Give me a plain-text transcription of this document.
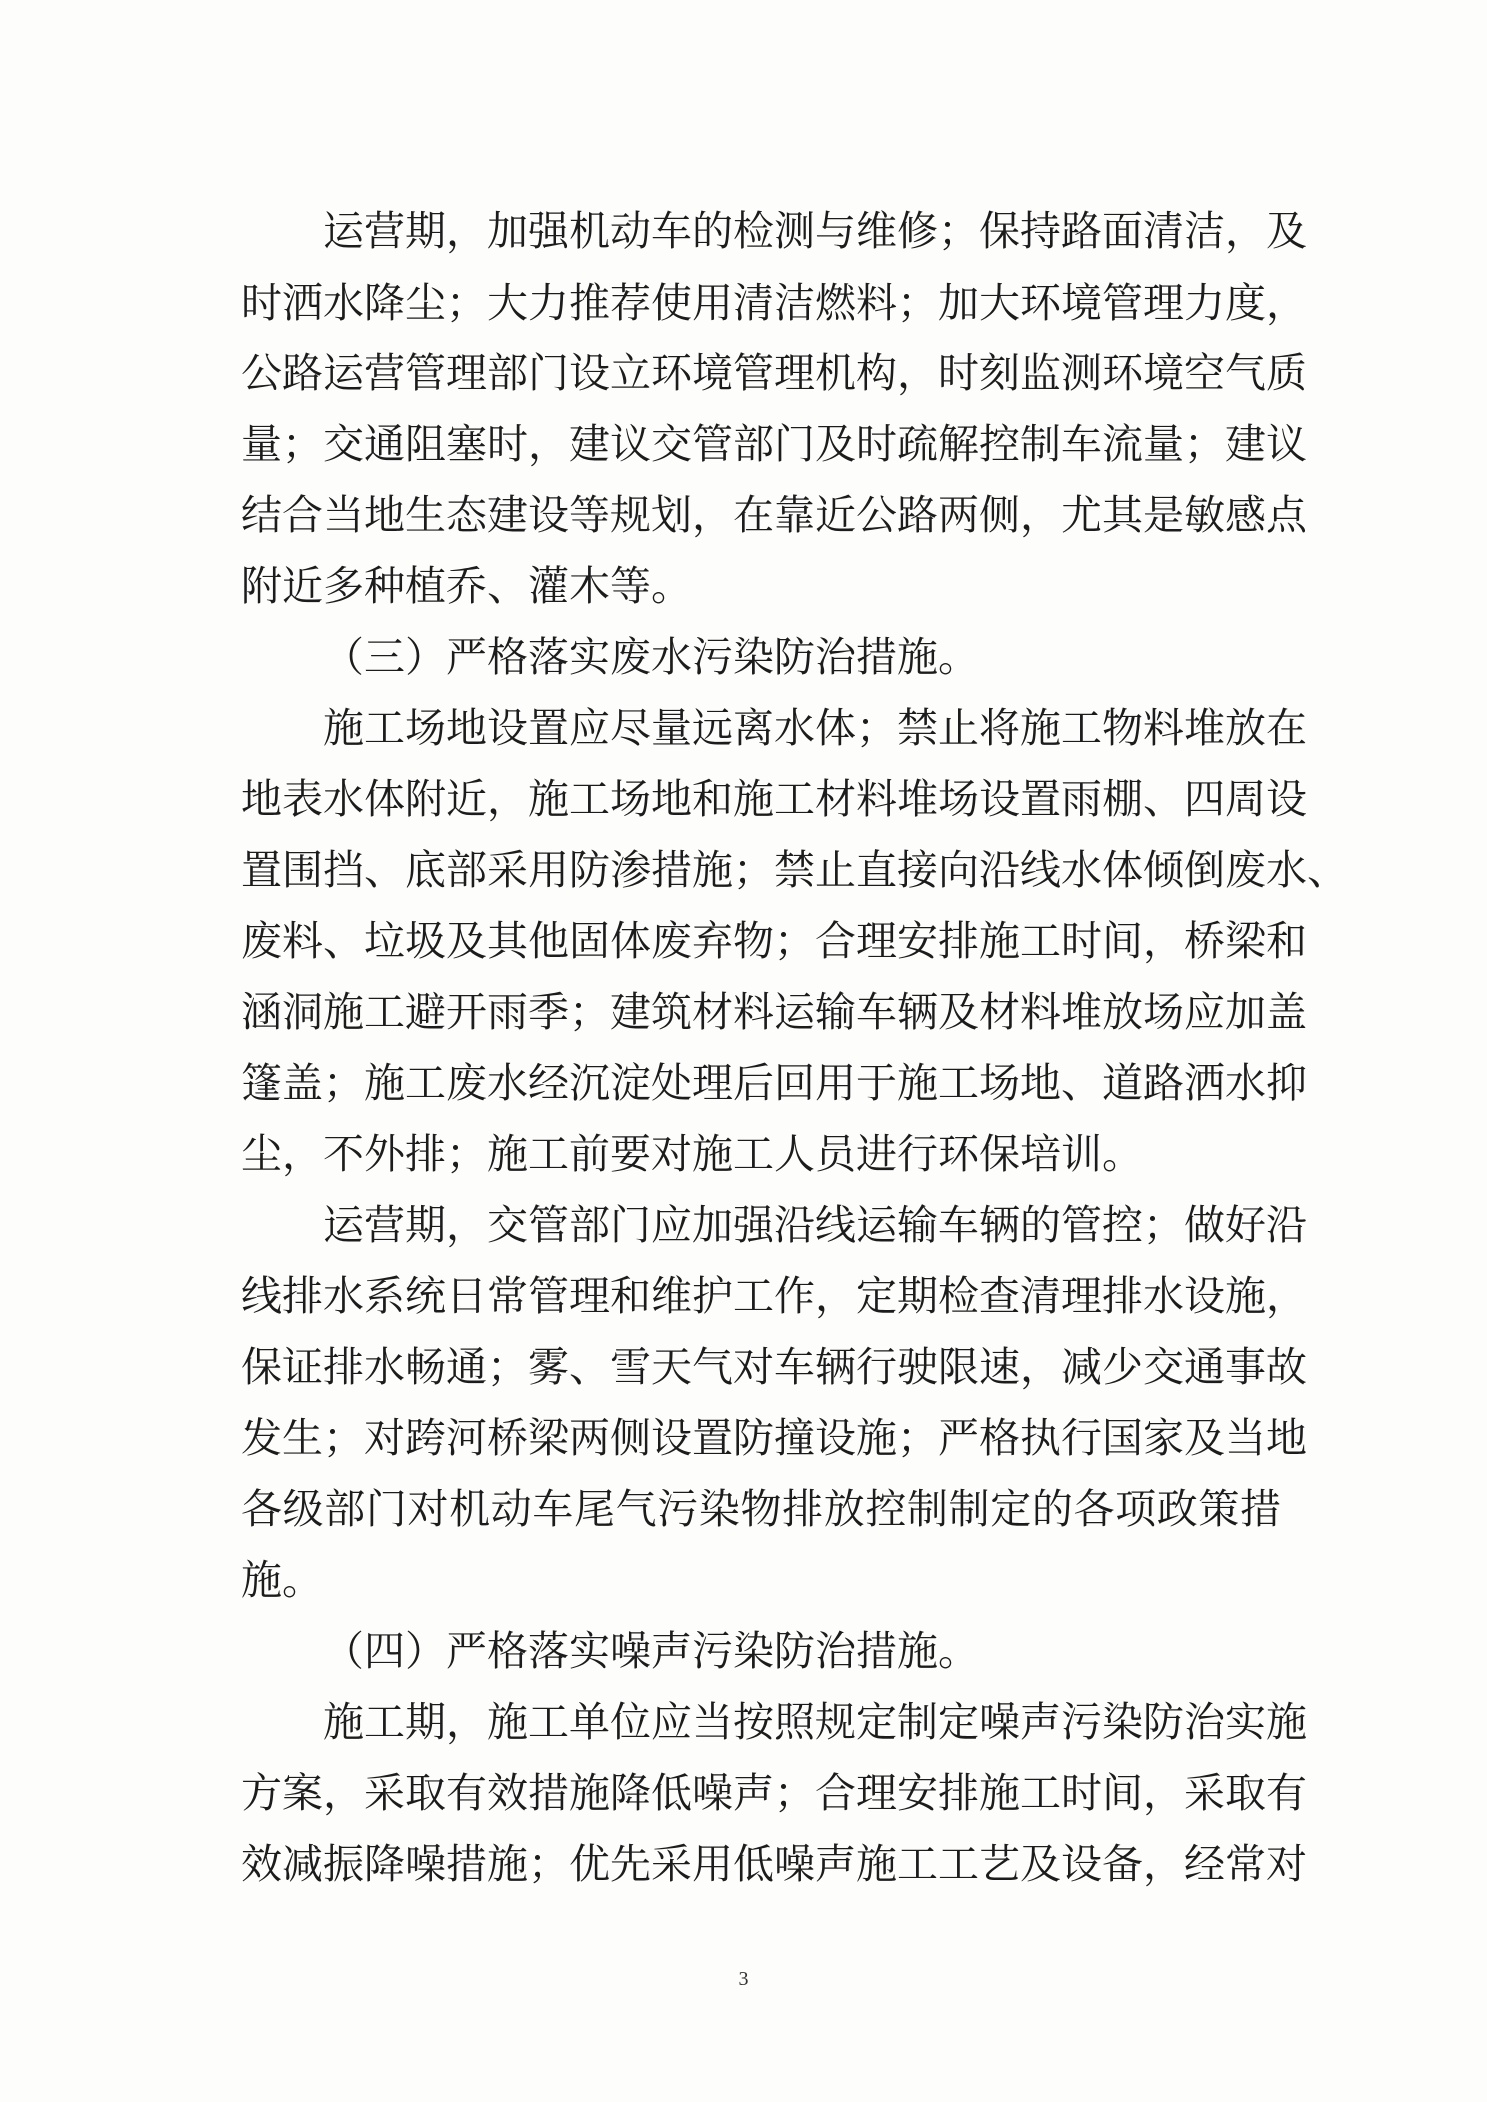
运营期，加强机动车的检测与维修；保持路面清洁，及
时洒水降尘；大力推荐使用清洁燃料；加大环境管理力度，
公路运营管理部门设立环境管理机构，时刻监测环境空气质
量；交通阻塞时，建议交管部门及时疏解控制车流量；建议
结合当地生态建设等规划，在靠近公路两侧，尤其是敏感点
附近多种植乔、灌木等。
（三）严格落实废水污染防治措施。
施工场地设置应尽量远离水体；禁止将施工物料堆放在
地表水体附近，施工场地和施工材料堆场设置雨棚、四周设
置围挡、底部采用防渗措施；禁止直接向沿线水体倾倒废水、
废料、垃圾及其他固体废弃物；合理安排施工时间，桥梁和
涵洞施工避开雨季；建筑材料运输车辆及材料堆放场应加盖
篷盖；施工废水经沉淀处理后回用于施工场地、道路洒水抑
尘，不外排；施工前要对施工人员进行环保培训。
运营期，交管部门应加强沿线运输车辆的管控；做好沿
线排水系统日常管理和维护工作，定期检查清理排水设施，
保证排水畅通；雾、雪天气对车辆行驶限速，减少交通事故
发生；对跨河桥梁两侧设置防撞设施；严格执行国家及当地
各级部门对机动车尾气污染物排放控制制定的各项政策措
施。
（四）严格落实噪声污染防治措施。
施工期，施工单位应当按照规定制定噪声污染防治实施
方案，采取有效措施降低噪声；合理安排施工时间，采取有
效减振降噪措施；优先采用低噪声施工工艺及设备，经常对
3
